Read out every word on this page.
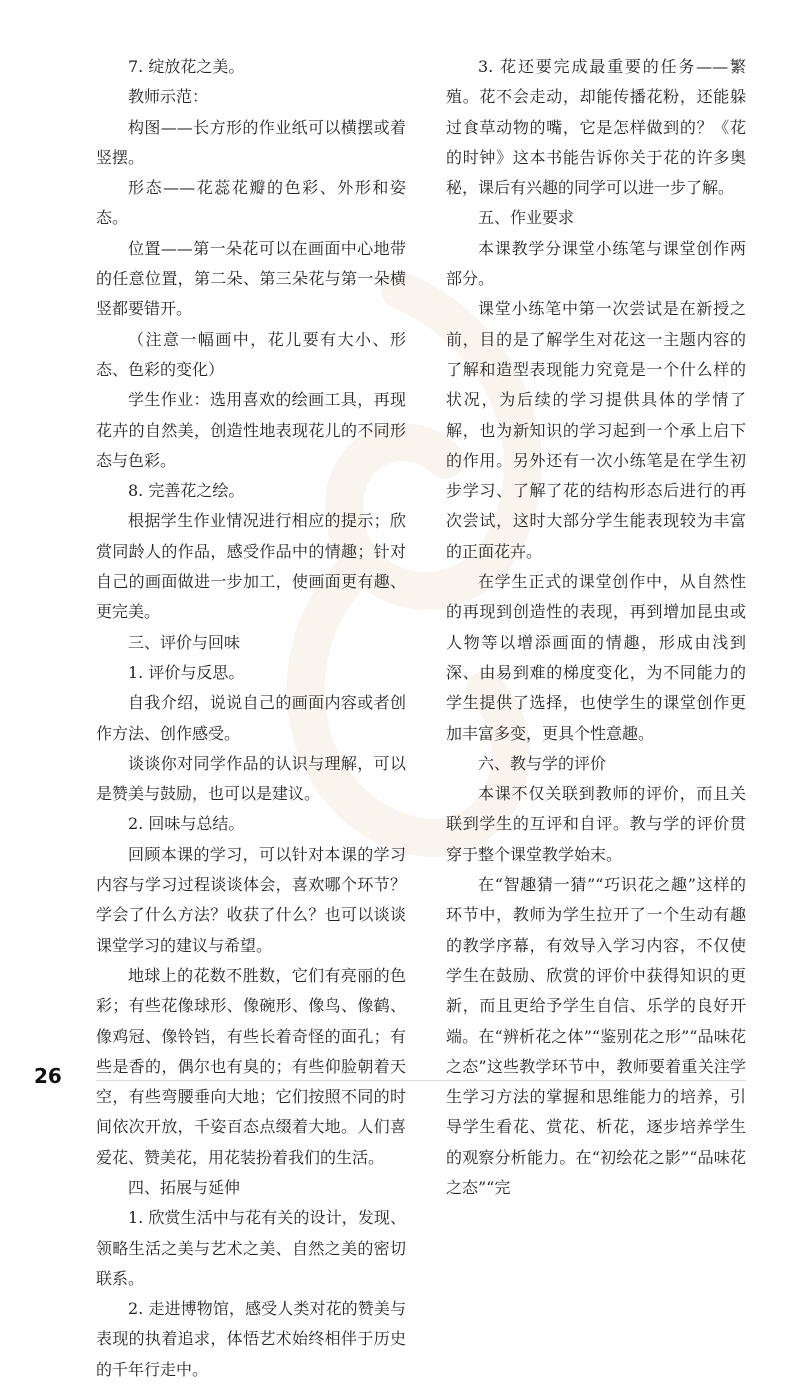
7. 绽放花之美。

教师示范：

构图——长方形的作业纸可以横摆或着竖摆。

形态——花蕊花瓣的色彩、外形和姿态。

位置——第一朵花可以在画面中心地带的任意位置，第二朵、第三朵花与第一朵横竖都要错开。

（注意一幅画中，花儿要有大小、形态、色彩的变化）

学生作业：选用喜欢的绘画工具，再现花卉的自然美，创造性地表现花儿的不同形态与色彩。

8. 完善花之绘。

根据学生作业情况进行相应的提示；欣赏同龄人的作品，感受作品中的情趣；针对自己的画面做进一步加工，使画面更有趣、更完美。

三、评价与回味

1. 评价与反思。

自我介绍，说说自己的画面内容或者创作方法、创作感受。

谈谈你对同学作品的认识与理解，可以是赞美与鼓励，也可以是建议。

2. 回味与总结。

回顾本课的学习，可以针对本课的学习内容与学习过程谈谈体会，喜欢哪个环节？学会了什么方法？收获了什么？也可以谈谈课堂学习的建议与希望。

地球上的花数不胜数，它们有亮丽的色彩；有些花像球形、像碗形、像鸟、像鹤、像鸡冠、像铃铛，有些长着奇怪的面孔；有些是香的，偶尔也有臭的；有些仰脸朝着天空，有些弯腰垂向大地；它们按照不同的时间依次开放，千姿百态点缀着大地。人们喜爱花、赞美花，用花装扮着我们的生活。

四、拓展与延伸

1. 欣赏生活中与花有关的设计，发现、领略生活之美与艺术之美、自然之美的密切联系。

2. 走进博物馆，感受人类对花的赞美与表现的执着追求，体悟艺术始终相伴于历史的千年行走中。

3. 花还要完成最重要的任务——繁殖。花不会走动，却能传播花粉，还能躲过食草动物的嘴，它是怎样做到的？《花的时钟》这本书能告诉你关于花的许多奥秘，课后有兴趣的同学可以进一步了解。

五、作业要求

本课教学分课堂小练笔与课堂创作两部分。

课堂小练笔中第一次尝试是在新授之前，目的是了解学生对花这一主题内容的了解和造型表现能力究竟是一个什么样的状况，为后续的学习提供具体的学情了解，也为新知识的学习起到一个承上启下的作用。另外还有一次小练笔是在学生初步学习、了解了花的结构形态后进行的再次尝试，这时大部分学生能表现较为丰富的正面花卉。

在学生正式的课堂创作中，从自然性的再现到创造性的表现，再到增加昆虫或人物等以增添画面的情趣，形成由浅到深、由易到难的梯度变化，为不同能力的学生提供了选择，也使学生的课堂创作更加丰富多变，更具个性意趣。

六、教与学的评价

本课不仅关联到教师的评价，而且关联到学生的互评和自评。教与学的评价贯穿于整个课堂教学始末。

在“智趣猜一猜”“巧识花之趣”这样的环节中，教师为学生拉开了一个生动有趣的教学序幕，有效导入学习内容，不仅使学生在鼓励、欣赏的评价中获得知识的更新，而且更给予学生自信、乐学的良好开端。在“辨析花之体”“鉴别花之形”“品味花之态”这些教学环节中，教师要着重关注学生学习方法的掌握和思维能力的培养，引导学生看花、赏花、析花，逐步培养学生的观察分析能力。在“初绘花之影”“品味花之态”“完

26
